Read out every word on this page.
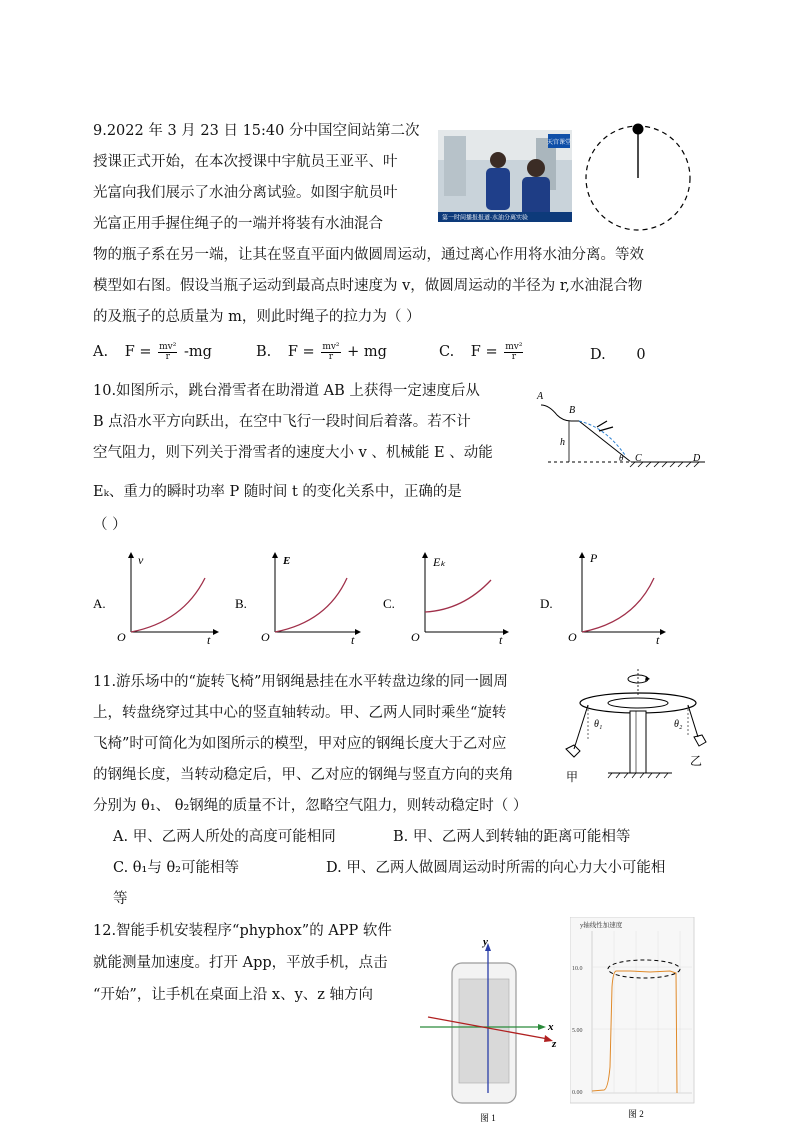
9.2022 年 3 月 23 日 15:40 分中国空间站第二次
授课正式开始，在本次授课中宇航员王亚平、叶
光富向我们展示了水油分离试验。如图宇航员叶
光富正用手握住绳子的一端并将装有水油混合
物的瓶子系在另一端，让其在竖直平面内做圆周运动，通过离心作用将水油分离。等效
模型如右图。假设当瓶子运动到最高点时速度为 v，做圆周运动的半径为 r,水油混合物
的及瓶子的总质量为 m，则此时绳子的拉力为（ ）
天宫课堂
第一时间播报报道·水油分离实验
A. $F = \frac{\text{mv²}}{r} -mg$	B. $F = \frac{\text{mv²}}{r}$ + mg	C. $F = \frac{\text{mv²}}{r}$	D. 0
10.如图所示，跳台滑雪者在助滑道 AB 上获得一定速度后从
B 点沿水平方向跃出，在空中飞行一段时间后着落。若不计
空气阻力，则下列关于滑雪者的速度大小 v 、机械能 E 、动能
Eₖ、重力的瞬时功率 P 随时间 t 的变化关系中，正确的是
（ ）
A
B
h
θ C	D
A.
v
t
O
B.
E
t
O
C.
Eₖ
t
O
D.
P
t
O
11.游乐场中的“旋转飞椅”用钢绳悬挂在水平转盘边缘的同一圆周
上，转盘绕穿过其中心的竖直轴转动。甲、乙两人同时乘坐“旋转
飞椅”时可简化为如图所示的模型，甲对应的钢绳长度大于乙对应
的钢绳长度，当转动稳定后，甲、乙对应的钢绳与竖直方向的夹角
分别为 θ₁、 θ₂钢绳的质量不计，忽略空气阻力，则转动稳定时（ ）
A. 甲、乙两人所处的高度可能相同	B. 甲、乙两人到转轴的距离可能相等
C. θ₁与 θ₂可能相等	D. 甲、乙两人做圆周运动时所需的向心力大小可能相
等
θ₁
甲
θ₂
乙
12.智能手机安装程序“phyphox”的 APP 软件
就能测量加速度。打开 App，平放手机，点击
“开始”，让手机在桌面上沿 x、y、z 轴方向
y
x
z
图 1
y轴线性加速度
10.0
5.00
0.00
图 2
